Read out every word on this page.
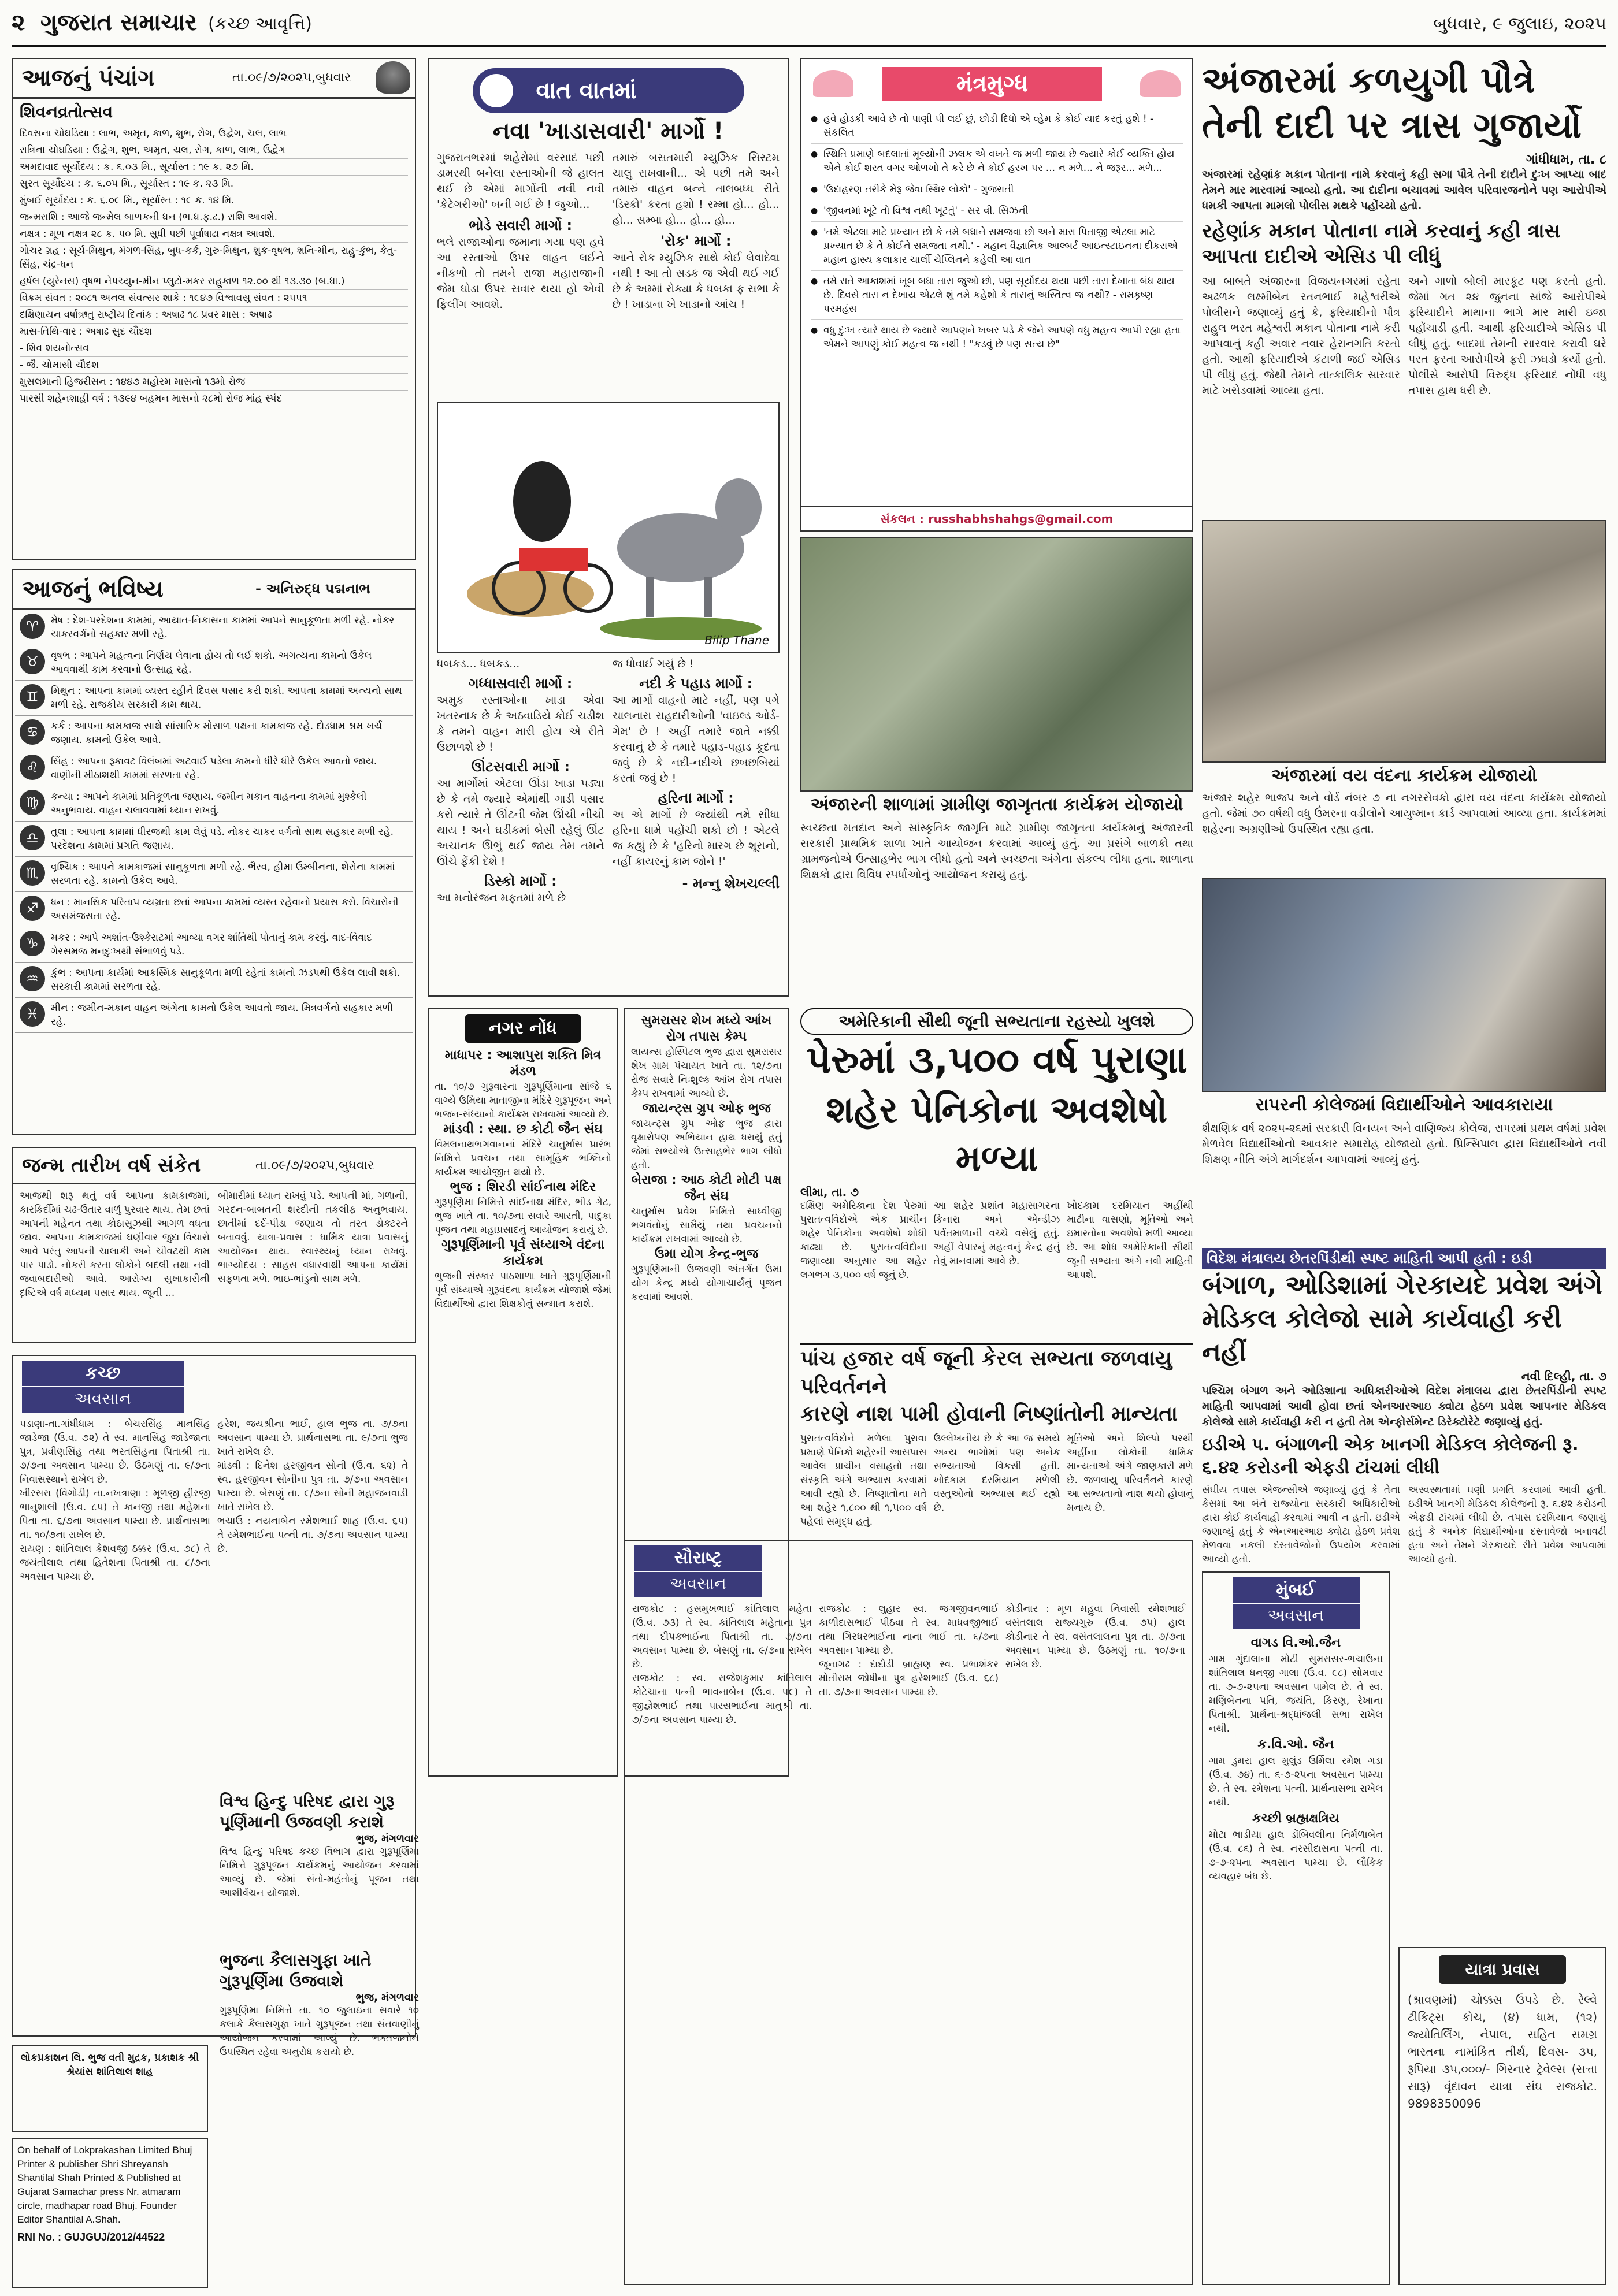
૨ ગુજરાત સમાચાર (કચ્છ આવૃત્તિ)	બુધવાર, ૯ જુલાઇ, ૨૦૨૫
આજનું પંચાંગ	તા.૦૯/૭/૨૦૨૫,બુધવાર
શિવનવ્રતોત્સવ
દિવસના ચોઘડિયા : લાભ, અમૃત, કાળ, શુભ, રોગ, ઉદ્વેગ, ચલ, લાભ
રાત્રિના ચોઘડિયા : ઉદ્વેગ, શુભ, અમૃત, ચલ, રોગ, કાળ, લાભ, ઉદ્વેગ
અમદાવાદ સૂર્યોદય : ક. ૬.૦૩ મિ., સૂર્યાસ્ત : ૧૯ ક. ૨૭ મિ.
સુરત સૂર્યોદય : ક. ૬.૦૫ મિ., સૂર્યાસ્ત : ૧૯ ક. ૨૩ મિ.
મુંબઈ સૂર્યોદય : ક. ૬.૦૯ મિ., સૂર્યાસ્ત : ૧૯ ક. ૧૪ મિ.
જન્મરાશિ : આજે જન્મેલ બાળકની ધન (ભ.ધ.ફ.ઢ.) રાશિ આવશે.
નક્ષત્ર : મૂળ નક્ષત્ર ૨૮ ક. ૫૦ મિ. સુધી પછી પૂર્વાષાઢા નક્ષત્ર આવશે.
ગોચર ગ્રહ : સૂર્ય-મિથુન, મંગળ-સિંહ, બુધ-કર્ક, ગુરુ-મિથુન, શુક્ર-વૃષભ, શનિ-મીન, રાહુ-કુંભ, કેતુ-સિંહ, ચંદ્ર-ધન
હર્ષલ (યુરેનસ) વૃષભ નેપચ્યુન-મીન પ્લુટો-મકર રાહુકાળ ૧૨.૦૦ થી ૧૩.૩૦ (બ.ધા.)
વિક્રમ સંવત : ૨૦૮૧ અનલ સંવત્સર શાકે : ૧૯૪૭ વિશ્વાવસુ સંવત : ૨૫૫૧
દક્ષિણાયન વર્ષાઋતુ રાષ્ટ્રીય દિનાંક : અષાઢ ૧૮ પ્રવર માસ : અષાઢ
માસ-તિથિ-વાર : અષાઢ સુદ ચૌદશ
- શિવ શયનોત્સવ
- જૈ. ચોમાસી ચૌદશ
મુસલમાની હિજરીસન : ૧૪૪૭ મહોરમ માસનો ૧૩મો રોજ
પારસી શહેનશાહી વર્ષ : ૧૩૯૪ બહમન માસનો ૨૮મો રોજ માંહ સ્પંદ
આજનું ભવિષ્ય	- અનિરુદ્ધ પદ્મનાભ
♈	મેષ : દેશ-પરદેશના કામમાં, આયાત-નિકાસના કામમાં આપને સાનુકૂળતા મળી રહે. નોકર ચાકરવર્ગનો સહકાર મળી રહે.
♉	વૃષભ : આપને મહત્વના નિર્ણય લેવાના હોય તો લઈ શકો. અગત્યના કામનો ઉકેલ આવવાથી કામ કરવાનો ઉત્સાહ રહે.
♊	મિથુન : આપના કામમાં વ્યસ્ત રહીને દિવસ પસાર કરી શકો. આપના કામમાં અન્યનો સાથ મળી રહે. રાજકીય સરકારી કામ થાય.
♋	કર્ક : આપના કામકાજ સાથે સાંસારિક મોસાળ પક્ષના કામકાજ રહે. દોડધામ શ્રમ ખર્ચ જણાય. કામનો ઉકેલ આવે.
♌	સિંહ : આપના રૂકાવટ વિલંબમાં અટવાઈ પડેલા કામનો ધીરે ધીરે ઉકેલ આવતો જાય. વાણીની મીઠાશથી કામમાં સરળતા રહે.
♍	કન્યા : આપને કામમાં પ્રતિકૂળતા જણાય. જમીન મકાન વાહનના કામમાં મુશ્કેલી અનુભવાય. વાહન ચલાવવામાં ધ્યાન રાખવું.
♎	તુલા : આપના કામમાં ધીરજથી કામ લેવું પડે. નોકર ચાકર વર્ગનો સાથ સહકાર મળી રહે. પરદેશના કામમાં પ્રગતિ જણાય.
♏	વૃશ્ચિક : આપને કામકાજમાં સાનુકૂળતા મળી રહે. ભૈરવ, હીમા ઉમ્બીનના, શેરોના કામમાં સરળતા રહે. કામનો ઉકેલ આવે.
♐	ધન : માનસિક પરિતાપ વ્યગ્રતા છતાં આપના કામમાં વ્યસ્ત રહેવાનો પ્રયાસ કરો. વિચારોની અસમંજસતા રહે.
♑	મકર : આપે અશાંત-ઉશ્કેરાટમાં આવ્યા વગર શાંતિથી પોતાનું કામ કરવું. વાદ-વિવાદ ગેરસમજ મનદુઃખથી સંભાળવું પડે.
♒	કુંભ : આપના કાર્યમાં આકસ્મિક સાનુકૂળતા મળી રહેતાં કામનો ઝડપથી ઉકેલ લાવી શકો. સરકારી કામમાં સરળતા રહે.
♓	મીન : જમીન-મકાન વાહન અંગેના કામનો ઉકેલ આવતો જાય. મિત્રવર્ગનો સહકાર મળી રહે.
જન્મ તારીખ વર્ષ સંકેત	તા.૦૯/૭/૨૦૨૫,બુધવાર
આજથી શરૂ થતું વર્ષ આપના કામકાજમાં, કારકિર્દીમાં ચઢ-ઉતાર વાળું પુરવાર થાય. તેમ છતાં આપની મહેનત તથા કોઠાસૂઝથી આગળ વધતા જાવ. આપના કામકાજમાં ઘણીવાર જુદા વિચારો આવે પરંતુ આપની ચાલાકી અને ચીવટથી કામ પાર પાડો. નોકરી કરતા લોકોને બદલી તથા નવી જવાબદારીઓ આવે. આરોગ્ય સુખાકારીની દૃષ્ટિએ વર્ષ મધ્યમ પસાર થાય. જૂની ...
બીમારીમાં ધ્યાન રાખવું પડે. આપની માં, ગળાની, ગરદન-બાબતની શરદીની તકલીફ અનુભવાય. છાતીમાં દર્દ-પીડા જણાય તો તરત ડોક્ટરને બતાવવું. યાત્રા-પ્રવાસ : ધાર્મિક યાત્રા પ્રવાસનું આયોજન થાય. સ્વાસ્થ્યનું ધ્યાન રાખવું. ભાગ્યોદય : સાહસ વધારવાથી આપના કાર્યમાં સફળતા મળે. ભાઇ-ભાંડુનો સાથ મળે.
વાત વાતમાં
નવા 'ખાડાસવારી' માર્ગો !
ગુજરાતભરમાં શહેરોમાં વરસાદ પછી ડામરથી બનેલા રસ્તાઓની જે હાલત થઈ છે એમાં માર્ગોની નવી નવી 'કેટેગરીઓ' બની ગઈ છે ! જુઓ...
ભોડે સવારી માર્ગો :
ભલે રાજાઓના જમાના ગયા પણ હવે આ રસ્તાઓ ઉપર વાહન લઈને નીકળો તો તમને રાજા મહારાજાની જેમ ઘોડા ઉપર સવાર થયા હો એવી ફિલીંગ આવશે.
તમારું બસતમારી મ્યુઝિક સિસ્ટમ ચાલુ રાખવાની... એ પછી તમે અને તમારું વાહન બન્ને તાલબધ્ધ રીતે 'ડિસ્કો' કરતા હશો ! રમ્મા હો... હો... હો... સમ્બા હો... હો... હો...
'રોક' માર્ગો :
આને રોક મ્યુઝિક સાથે કોઈ લેવાદેવા નથી ! આ તો સડક જ એવી થઈ ગઈ છે કે અમ્માં રોક્યા કે ધબકા ફ સભા કે છે ! ખાડાના ખે ખાડાનો આંચ !
Bilip Thane
ધબકડ... ધબકડ...
ગધ્ધાસવારી માર્ગો :
અમુક રસ્તાઓના ખાડા એવા ખતરનાક છે કે અઠવાડિયે કોઈ ચડીશ કે તમને વાહન મારી હોય એ રીતે ઉછાળશે છે !
ઊંટસવારી માર્ગો :
આ માર્ગોમાં એટલા ઊંડા ખાડા પડ્યા છે કે તમે જ્યારે એમાંથી ગાડી પસાર કરો ત્યારે તે ઊંટની જેમ ઊંચી નીચી થાય ! અને ઘડીકમાં બેસી રહેલું ઊંટ અચાનક ઊભું થઈ જાય તેમ તમને ઊંચે ફેંકી દેશે !
ડિસ્કો માર્ગો :
આ મનોરંજન મફતમાં મળે છે
જ ધોવાઈ ગયું છે !
નદી કે પહાડ માર્ગો :
આ માર્ગો વાહનો માટે નહીં, પણ પગે ચાલનારા રાહદારીઓની 'વાઇલ્ડ ઓર્ડ-ગેમ' છે ! અહીં તમારે જાતે નક્કી કરવાનું છે કે તમારે પહાડ-પહાડ કૂદતા જવું છે કે નદી-નદીએ છબછબિયાં કરતાં જવું છે !
હરિના માર્ગો :
અ એ માર્ગો છે જ્યાંથી તમે સીધા હરિના ધામે પહોંચી શકો છો ! એટલે જ કહ્યું છે કે 'હરિનો મારગ છે શૂરાનો, નહીં કાયરનું કામ જોને !'
- મન્નુ શેખચલ્લી
મંત્રમુગ્ધ
હવે હોડકી આવે છે તો પાણી પી લઈ છું, છોડી દિધો એ વ્હેમ કે કોઈ યાદ કરતું હશે ! - સંકલિત
●
સ્થિતિ પ્રમાણે બદલાતાં મૂલ્યોની ઝલક એ વખતે જ મળી જાય છે જ્યારે કોઈ વ્યક્તિ હોય એને કોઈ શરત વગર ઓળખો તે કરે છે ને કોઈ હરખ પર ... ન મળે... ને જરૂર... મળે...
●
'ઉદાહરણ તરીકે મેરૂ જેવા સ્થિર લોકો' - ગુજરાતી
●
'જીવનમાં ખૂટે તો વિશ્વ નથી ખૂટતું' - સર વી. સિઝની
●
'તમે એટલા માટે પ્રખ્યાત છો કે તમે બધાને સમજવા છો અને મારા પિતાજી એટલા માટે પ્રખ્યાત છે કે તે કોઈને સમજતા નથી.' - મહાન વૈજ્ઞાનિક આલ્બર્ટ આઇન્સ્ટાઇનના દીકરાએ મહાન હાસ્ય કલાકાર ચાર્લી ચેપ્લિનને કહેલી આ વાત
●
તમે રાતે આકાશમાં ખૂબ બધા તારા જુઓ છો, પણ સૂર્યોદય થયા પછી તારા દેખાતા બંધ થાય છે. દિવસે તારા ન દેખાય એટલે શું તમે કહેશો કે તારાનું અસ્તિત્વ જ નથી? - રામકૃષ્ણ પરમહંસ
●
વધુ દુઃખ ત્યારે થાય છે જ્યારે આપણને ખબર પડે કે જેને આપણે વધુ મહત્વ આપી રહ્યા હતા એમને આપણું કોઈ મહત્વ જ નથી ! "કડવું છે પણ સત્ય છે"
●
સંકલન : russhabhshahgs@gmail.com
અંજારની શાળામાં ગ્રામીણ જાગૃતતા કાર્યક્રમ યોજાયો
સ્વચ્છતા મતદાન અને સાંસ્કૃતિક જાગૃતિ માટે ગ્રામીણ જાગૃતતા કાર્યક્રમનું અંજારની સરકારી પ્રાથમિક શાળા ખાતે આયોજન કરવામાં આવ્યું હતું. આ પ્રસંગે બાળકો તથા ગ્રામજનોએ ઉત્સાહભેર ભાગ લીધો હતો અને સ્વચ્છતા અંગેના સંકલ્પ લીધા હતા. શાળાના શિક્ષકો દ્વારા વિવિધ સ્પર્ધાઓનું આયોજન કરાયું હતું.
અંજારમાં કળયુગી પૌત્રે
તેની દાદી પર ત્રાસ ગુજાર્યો
ગાંધીધામ, તા. ૮
અંજારમાં રહેણાંક મકાન પોતાના નામે કરવાનું કહી સગા પૌત્રે તેની દાદીને દુઃખ આપ્યા બાદ તેમને માર મારવામાં આવ્યો હતો. આ દાદીના બચાવમાં આવેલ પરિવારજનોને પણ આરોપીએ ધમકી આપતા મામલો પોલીસ મથકે પહોંચ્યો હતો.
રહેણાંક મકાન પોતાના નામે કરવાનું કહી ત્રાસ આપતા દાદીએ એસિડ પી લીધું
આ બાબતે અંજારના વિજયનગરમાં રહેતા અઢળક લક્ષ્મીબેન રતનભાઈ મહેશ્વરીએ પોલીસને જણાવ્યું હતું કે, ફરિયાદીનો પૌત્ર રાહુલ ભરત મહેશ્વરી મકાન પોતાના નામે કરી આપવાનું કહી અવાર નવાર હેરાનગતિ કરતો હતો. આથી ફરિયાદીએ કંટાળી જઈ એસિડ પી લીધું હતું. જેથી તેમને તાત્કાલિક સારવાર માટે ખસેડવામાં આવ્યા હતા.
અને ગાળો બોલી મારકૂટ પણ કરતો હતો. જેમાં ગત ૨૪ જુનના સાંજે આરોપીએ ફરિયાદીને માથાના ભાગે માર મારી ઇજા પહોંચાડી હતી. આથી ફરિયાદીએ એસિડ પી લીધું હતું. બાદમાં તેમની સારવાર કરાવી ઘરે પરત ફરતા આરોપીએ ફરી ઝઘડો કર્યો હતો. પોલીસે આરોપી વિરુદ્ધ ફરિયાદ નોંધી વધુ તપાસ હાથ ધરી છે.
અંજારમાં વય વંદના કાર્યક્રમ યોજાયો
અંજાર શહેર ભાજપ અને વોર્ડ નંબર ૭ ના નગરસેવકો દ્વારા વય વંદના કાર્યક્રમ યોજાયો હતો. જેમાં ૭૦ વર્ષથી વધુ ઉંમરના વડીલોને આયુષ્માન કાર્ડ આપવામાં આવ્યા હતા. કાર્યક્રમમાં શહેરના અગ્રણીઓ ઉપસ્થિત રહ્યા હતા.
રાપરની કોલેજમાં વિદ્યાર્થીઓને આવકારાયા
શૈક્ષણિક વર્ષ ૨૦૨૫-૨૬માં સરકારી વિનયન અને વાણિજ્ય કોલેજ, રાપરમાં પ્રથમ વર્ષમાં પ્રવેશ મેળવેલ વિદ્યાર્થીઓનો આવકાર સમારોહ યોજાયો હતો. પ્રિન્સિપાલ દ્વારા વિદ્યાર્થીઓને નવી શિક્ષણ નીતિ અંગે માર્ગદર્શન આપવામાં આવ્યું હતું.
નગર નોંધ
માધાપર : આશાપુરા શક્તિ મિત્ર મંડળ
તા. ૧૦/૭ ગુરૂવારના ગુરૂપૂર્ણિમાના સાંજે ૬ વાગ્યે ઉમિયા માતાજીના મંદિરે ગુરૂપૂજન અને ભજન-સંધ્યાનો કાર્યક્રમ રાખવામાં આવ્યો છે.
માંડવી : સ્થા. છ કોટી જૈન સંઘ
વિમલનાથભગવાનનાં મંદિરે ચાતુર્માસ પ્રારંભ નિમિત્તે પ્રવચન તથા સામૂહિક ભક્તિનો કાર્યક્રમ આયોજીત થયો છે.
ભુજ : શિરડી સાંઈનાથ મંદિર
ગુરૂપૂર્ણિમા નિમિત્તે સાંઈનાથ મંદિર, ભીડ ગેટ, ભુજ ખાતે તા. ૧૦/૭ના સવારે આરતી, પાદુકા પૂજન તથા મહાપ્રસાદનું આયોજન કરાયું છે.
ગુરૂપૂર્ણિમાની પૂર્વ સંધ્યાએ વંદના કાર્યક્રમ
ભુજની સંસ્કાર પાઠશાળા ખાતે ગુરૂપૂર્ણિમાની પૂર્વ સંધ્યાએ ગુરૂવંદના કાર્યક્રમ યોજાશે જેમાં વિદ્યાર્થીઓ દ્વારા શિક્ષકોનું સન્માન કરાશે.
સુમરાસર શેખ મધ્યે આંખ રોગ તપાસ કેમ્પ
લાયન્સ હોસ્પિટલ ભુજ દ્વારા સુમરાસર શેખ ગ્રામ પંચાયત ખાતે તા. ૧૨/૭ના રોજ સવારે નિઃશુલ્ક આંખ રોગ તપાસ કેમ્પ રાખવામાં આવ્યો છે.
જાયન્ટ્સ ગ્રુપ ઓફ ભુજ
જાયન્ટ્સ ગ્રુપ ઓફ ભુજ દ્વારા વૃક્ષારોપણ અભિયાન હાથ ધરાયું હતું જેમાં સભ્યોએ ઉત્સાહભેર ભાગ લીધો હતો.
બેરાજા : આઠ કોટી મોટી પક્ષ જૈન સંઘ
ચાતુર્માસ પ્રવેશ નિમિત્તે સાધ્વીજી ભગવંતોનું સામૈયું તથા પ્રવચનનો કાર્યક્રમ રાખવામાં આવ્યો છે.
ઉમા યોગ કેન્દ્ર-ભુજ
ગુરૂપૂર્ણિમાની ઉજવણી અંતર્ગત ઉમા યોગ કેન્દ્ર મધ્યે યોગાચાર્યનું પૂજન કરવામાં આવશે.
અમેરિકાની સૌથી જૂની સભ્યતાના રહસ્યો ખુલશે
પેરુમાં ૩,૫૦૦ વર્ષ પુરાણા
શહેર પેનિકોના અવશેષો મળ્યા
લીમા, તા. ૭
દક્ષિણ અમેરિકાના દેશ પેરુમાં પુરાતત્વવિદોએ એક પ્રાચીન શહેર પેનિકોના અવશેષો શોધી કાઢ્યા છે. પુરાતત્વવિદોના જણાવ્યા અનુસાર આ શહેર લગભગ ૩,૫૦૦ વર્ષ જૂનું છે.
આ શહેર પ્રશાંત મહાસાગરના કિનારા અને એન્ડીઝ પર્વતમાળાની વચ્ચે વસેલું હતું. અહીં વેપારનું મહત્વનું કેન્દ્ર હતું તેવું માનવામાં આવે છે.
ખોદકામ દરમિયાન અહીંથી માટીના વાસણો, મૂર્તિઓ અને ઇમારતોના અવશેષો મળી આવ્યા છે. આ શોધ અમેરિકાની સૌથી જૂની સભ્યતા અંગે નવી માહિતી આપશે.
પાંચ હજાર વર્ષ જૂની કેરલ સભ્યતા જળવાયુ પરિવર્તનને
કારણે નાશ પામી હોવાની નિષ્ણાંતોની માન્યતા
પુરાતત્વવિદોને મળેલા પુરાવા પ્રમાણે પેનિકો શહેરની આસપાસ આવેલ પ્રાચીન વસાહતો તથા સંસ્કૃતિ અંગે અભ્યાસ કરવામાં આવી રહ્યો છે. નિષ્ણાતોના મતે આ શહેર ૧,૮૦૦ થી ૧,૫૦૦ વર્ષ પહેલાં સમૃદ્ધ હતું.
ઉલ્લેખનીય છે કે આ જ સમયે અન્ય ભાગોમાં પણ અનેક સભ્યતાઓ વિકસી હતી. ખોદકામ દરમિયાન મળેલી વસ્તુઓનો અભ્યાસ થઈ રહ્યો છે.
મૂર્તિઓ અને શિલ્પો પરથી અહીંના લોકોની ધાર્મિક માન્યતાઓ અંગે જાણકારી મળે છે. જળવાયુ પરિવર્તનને કારણે આ સભ્યતાનો નાશ થયો હોવાનું મનાય છે.
વિદેશ મંત્રાલય છેતરપિંડીથી સ્પષ્ટ માહિતી આપી હતી : ઇડી
બંગાળ, ઓડિશામાં ગેરકાયદે પ્રવેશ અંગે
મેડિકલ કોલેજો સામે કાર્યવાહી કરી નહીં
નવી દિલ્હી, તા. ૭
પશ્ચિમ બંગાળ અને ઓડિશાના અધિકારીઓએ વિદેશ મંત્રાલય દ્વારા છેતરપિંડીની સ્પષ્ટ માહિતી આપવામાં આવી હોવા છતાં એનઆરઆઇ ક્વોટા હેઠળ પ્રવેશ આપનાર મેડિકલ કોલેજો સામે કાર્યવાહી કરી ન હતી તેમ એન્ફોર્સમેન્ટ ડિરેક્ટોરેટે જણાવ્યું હતું.
ઇડીએ પ. બંગાળની એક ખાનગી મેડિકલ કોલેજની રૂ. ૬.૪૨ કરોડની એફડી ટાંચમાં લીધી
સંઘીય તપાસ એજન્સીએ જણાવ્યું હતું કે તેના કેસમાં આ બંને રાજ્યોના સરકારી અધિકારીઓ દ્વારા કોઈ કાર્યવાહી કરવામાં આવી ન હતી. ઇડીએ જણાવ્યું હતું કે એનઆરઆઇ ક્વોટા હેઠળ પ્રવેશ મેળવવા નકલી દસ્તાવેજોનો ઉપયોગ કરવામાં આવ્યો હતો.
અસ્વસ્થતામાં ઘણી પ્રગતિ કરવામાં આવી હતી. ઇડીએ ખાનગી મેડિકલ કોલેજની રૂ. ૬.૪૨ કરોડની એફડી ટાંચમાં લીધી છે. તપાસ દરમિયાન જણાયું હતું કે અનેક વિદ્યાર્થીઓના દસ્તાવેજો બનાવટી હતા અને તેમને ગેરકાયદે રીતે પ્રવેશ આપવામાં આવ્યો હતો.
કચ્છ
અવસાન
પડાણા-તા.ગાંધીધામ : બેચરસિંહ માનસિંહ જાડેજા (ઉ.વ. ૭૨) તે સ્વ. માનસિંહ જાડેજાના પુત્ર, પ્રવીણસિંહ તથા ભરતસિંહના પિતાશ્રી તા. ૭/૭ના અવસાન પામ્યા છે. ઉઠમણું તા. ૯/૭ના નિવાસસ્થાને રાખેલ છે.
ખીરસરા (વિગોડી) તા.નખત્રાણા : મૂળજી હીરજી ભાનુશાલી (ઉ.વ. ૮૫) તે કાનજી તથા મહેશના પિતા તા. ૬/૭ના અવસાન પામ્યા છે. પ્રાર્થનાસભા તા. ૧૦/૭ના રાખેલ છે.
રાયણ : શાંતિલાલ કેશવજી ઠક્કર (ઉ.વ. ૭૮) તે જયંતીલાલ તથા હિતેશના પિતાશ્રી તા. ૮/૭ના અવસાન પામ્યા છે.
હરેશ, જયશ્રીના ભાઈ, હાલ ભુજ તા. ૭/૭ના અવસાન પામ્યા છે. પ્રાર્થનાસભા તા. ૯/૭ના ભુજ ખાતે રાખેલ છે.
માંડવી : દિનેશ હરજીવન સોની (ઉ.વ. ૬૨) તે સ્વ. હરજીવન સોનીના પુત્ર તા. ૭/૭ના અવસાન પામ્યા છે. બેસણું તા. ૯/૭ના સોની મહાજનવાડી ખાતે રાખેલ છે.
ભચાઉ : નયનાબેન રમેશભાઈ શાહ (ઉ.વ. ૬૫) તે રમેશભાઈના પત્ની તા. ૭/૭ના અવસાન પામ્યા છે.
વિશ્વ હિન્દુ પરિષદ દ્વારા ગુરૂ પૂર્ણિમાની ઉજવણી કરાશે
ભુજ, મંગળવાર
વિશ્વ હિન્દુ પરિષદ કચ્છ વિભાગ દ્વારા ગુરૂપૂર્ણિમા નિમિત્તે ગુરૂપૂજન કાર્યક્રમનું આયોજન કરવામાં આવ્યું છે. જેમાં સંતો-મહંતોનું પૂજન તથા આશીર્વચન યોજાશે.
ભુજના કૈલાસગુફા ખાતે ગુરૂપૂર્ણિમા ઉજવાશે
ભુજ, મંગળવાર
ગુરૂપૂર્ણિમા નિમિત્તે તા. ૧૦ જુલાઇના સવારે ૧૦ કલાકે કૈલાસગુફા ખાતે ગુરૂપૂજન તથા સંતવાણીનું આયોજન કરવામાં આવ્યું છે. ભક્તજનોને ઉપસ્થિત રહેવા અનુરોધ કરાયો છે.
લોકપ્રકાશન લિ. ભુજ વતી મુદ્રક, પ્રકાશક શ્રી શ્રેયાંસ શાંતિલાલ શાહ
On behalf of Lokprakashan Limited Bhuj Printer & publisher Shri Shreyansh Shantilal Shah Printed & Published at Gujarat Samachar press Nr. atmaram circle, madhapar road Bhuj. Founder Editor Shantilal A.Shah.
RNI No. : GUJGUJ/2012/44522
સૌરાષ્ટ્ર
અવસાન
રાજકોટ : હસમુખભાઈ કાંતિલાલ મહેતા (ઉ.વ. ૭૩) તે સ્વ. કાંતિલાલ મહેતાના પુત્ર તથા દીપકભાઈના પિતાશ્રી તા. ૭/૭ના અવસાન પામ્યા છે. બેસણું તા. ૯/૭ના રાખેલ છે.
રાજકોટ : સ્વ. રાજેશકુમાર કાંતિલાલ કોટેચાના પત્ની ભાવનાબેન (ઉ.વ. ૫૯) તે જીજ્ઞેશભાઈ તથા પારસભાઈના માતુશ્રી તા. ૭/૭ના અવસાન પામ્યા છે.
રાજકોટ : લુહાર સ્વ. જગજીવનભાઈ કાળીદાસભાઈ પીઠવા તે સ્વ. માધવજીભાઈ તથા ગિરધરભાઈના નાના ભાઈ તા. ૬/૭ના અવસાન પામ્યા છે.
જૂનાગઢ : દાદોડી બ્રાહ્મણ સ્વ. પ્રભાશંકર મોતીરામ જોષીના પુત્ર હરેશભાઈ (ઉ.વ. ૬૮) તા. ૭/૭ના અવસાન પામ્યા છે.
કોડીનાર : મૂળ મહુવા નિવાસી રમેશભાઈ વસંતલાલ રાજ્યગુરુ (ઉ.વ. ૭૫) હાલ કોડીનાર તે સ્વ. વસંતલાલના પુત્ર તા. ૭/૭ના અવસાન પામ્યા છે. ઉઠમણું તા. ૧૦/૭ના રાખેલ છે.
મુંબઈ
અવસાન
વાગડ વિ.ઓ.જૈન
ગામ ગુંદાલાના મોટી સુમરાસર-ભચાઉના શાંતિલાલ ધનજી ગાલા (ઉ.વ. ૯૮) સોમવાર તા. ૭-૭-૨૫ના અવસાન પામેલ છે. તે સ્વ. મણિબેનના પતિ, જયંતિ, કિરણ, રેખાના પિતાશ્રી. પ્રાર્થના-શ્રદ્ધાંજલી સભા રાખેલ નથી.
ક.વિ.ઓ. જૈન
ગામ ડુમરા હાલ મુલુંડ ઉર્મિલા રમેશ ગડા (ઉ.વ. ૭૪) તા. ૬-૭-૨૫ના અવસાન પામ્યા છે. તે સ્વ. રમેશના પત્ની. પ્રાર્થનાસભા રાખેલ નથી.
કચ્છી બ્રહ્મક્ષત્રિય
મોટા ભાડીયા હાલ ડોંબિવલીના નિર્મળાબેન (ઉ.વ. ૮૬) તે સ્વ. નરસીદાસના પત્ની તા. ૭-૭-૨૫ના અવસાન પામ્યા છે. લૌકિક વ્યવહાર બંધ છે.
યાત્રા પ્રવાસ
(શ્રાવણમાં) ચોક્કસ ઉપડે છે. રેલ્વે ટીકિટ્સ કોચ, (૪) ધામ, (૧૨) જ્યોતિર્લિંગ, નેપાલ, સહિત સમગ્ર ભારતના નામાંકિત તીર્થ, દિવસ- ૩૫, રૂપિયા ૩૫,૦૦૦/- ગિરનાર ટ્રેવેલ્સ (સત્તા સારૂ) વૃંદાવન યાત્રા સંઘ રાજકોટ. 9898350096
